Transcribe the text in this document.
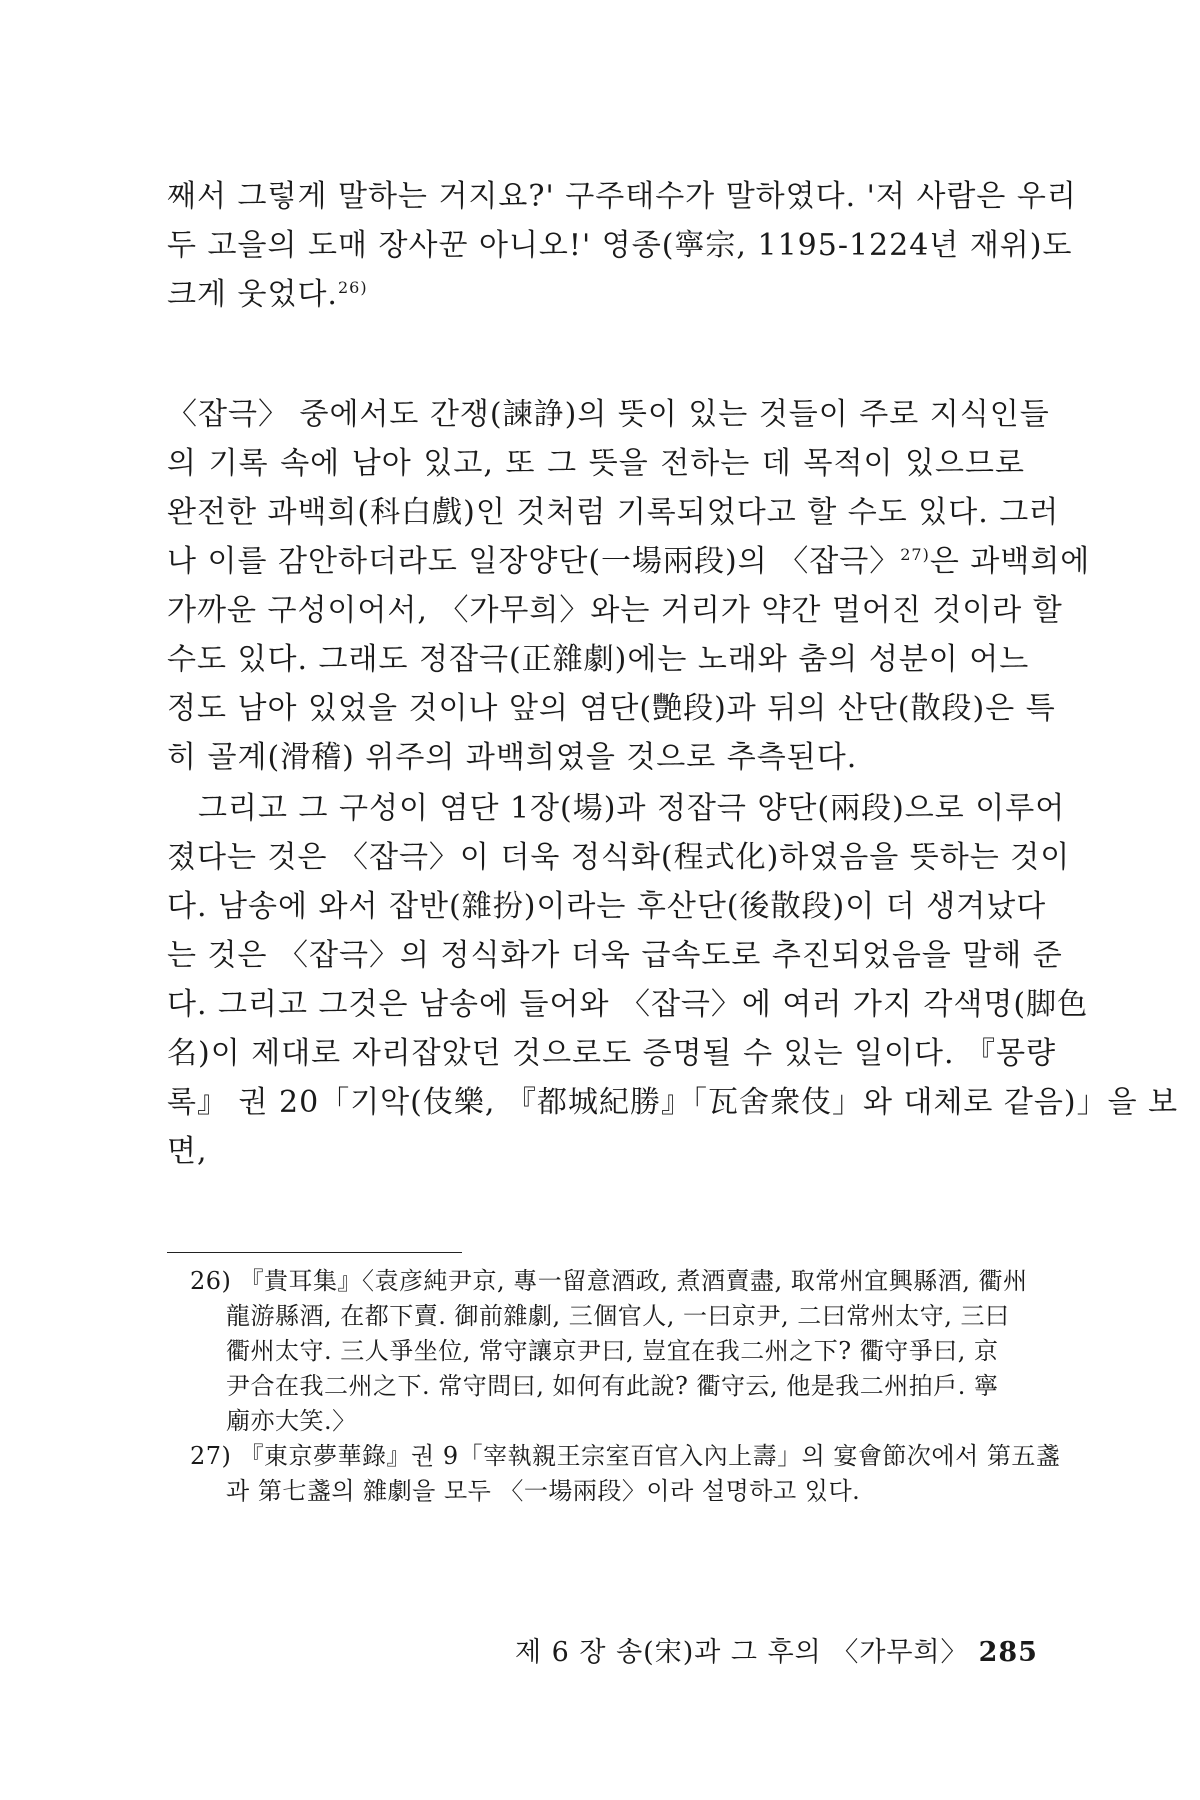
째서 그렇게 말하는 거지요?' 구주태수가 말하였다. '저 사람은 우리
두 고을의 도매 장사꾼 아니오!' 영종(寧宗, 1195-1224년 재위)도
크게 웃었다.$^{26)}$
〈잡극〉 중에서도 간쟁(諫諍)의 뜻이 있는 것들이 주로 지식인들
의 기록 속에 남아 있고, 또 그 뜻을 전하는 데 목적이 있으므로
완전한 과백희(科白戲)인 것처럼 기록되었다고 할 수도 있다. 그러
나 이를 감안하더라도 일장양단(一場兩段)의 〈잡극〉$^{27)}$은 과백희에
가까운 구성이어서, 〈가무희〉와는 거리가 약간 멀어진 것이라 할
수도 있다. 그래도 정잡극(正雜劇)에는 노래와 춤의 성분이 어느
정도 남아 있었을 것이나 앞의 염단(艷段)과 뒤의 산단(散段)은 특
히 골계(滑稽) 위주의 과백희였을 것으로 추측된다.
　그리고 그 구성이 염단 1장(場)과 정잡극 양단(兩段)으로 이루어
졌다는 것은 〈잡극〉이 더욱 정식화(程式化)하였음을 뜻하는 것이
다. 남송에 와서 잡반(雜扮)이라는 후산단(後散段)이 더 생겨났다
는 것은 〈잡극〉의 정식화가 더욱 급속도로 추진되었음을 말해 준
다. 그리고 그것은 남송에 들어와 〈잡극〉에 여러 가지 각색명(脚色
名)이 제대로 자리잡았던 것으로도 증명될 수 있는 일이다. 『몽량
록』 권 20「기악(伎樂, 『都城紀勝』「瓦舍衆伎」와 대체로 같음)」을 보
면,
26) 『貴耳集』〈袁彦純尹京, 專一留意酒政, 煮酒賣盡, 取常州宜興縣酒, 衢州
龍游縣酒, 在都下賣. 御前雜劇, 三個官人, 一曰京尹, 二曰常州太守, 三曰
衢州太守. 三人爭坐位, 常守讓京尹曰, 豈宜在我二州之下? 衢守爭曰, 京
尹合在我二州之下. 常守問曰, 如何有此說? 衢守云, 他是我二州拍戶. 寧
廟亦大笑.〉
27) 『東京夢華錄』권 9「宰執親王宗室百官入內上壽」의 宴會節次에서 第五盞
과 第七盞의 雜劇을 모두 〈一場兩段〉이라 설명하고 있다.
제 6 장 송(宋)과 그 후의 〈가무희〉 285
